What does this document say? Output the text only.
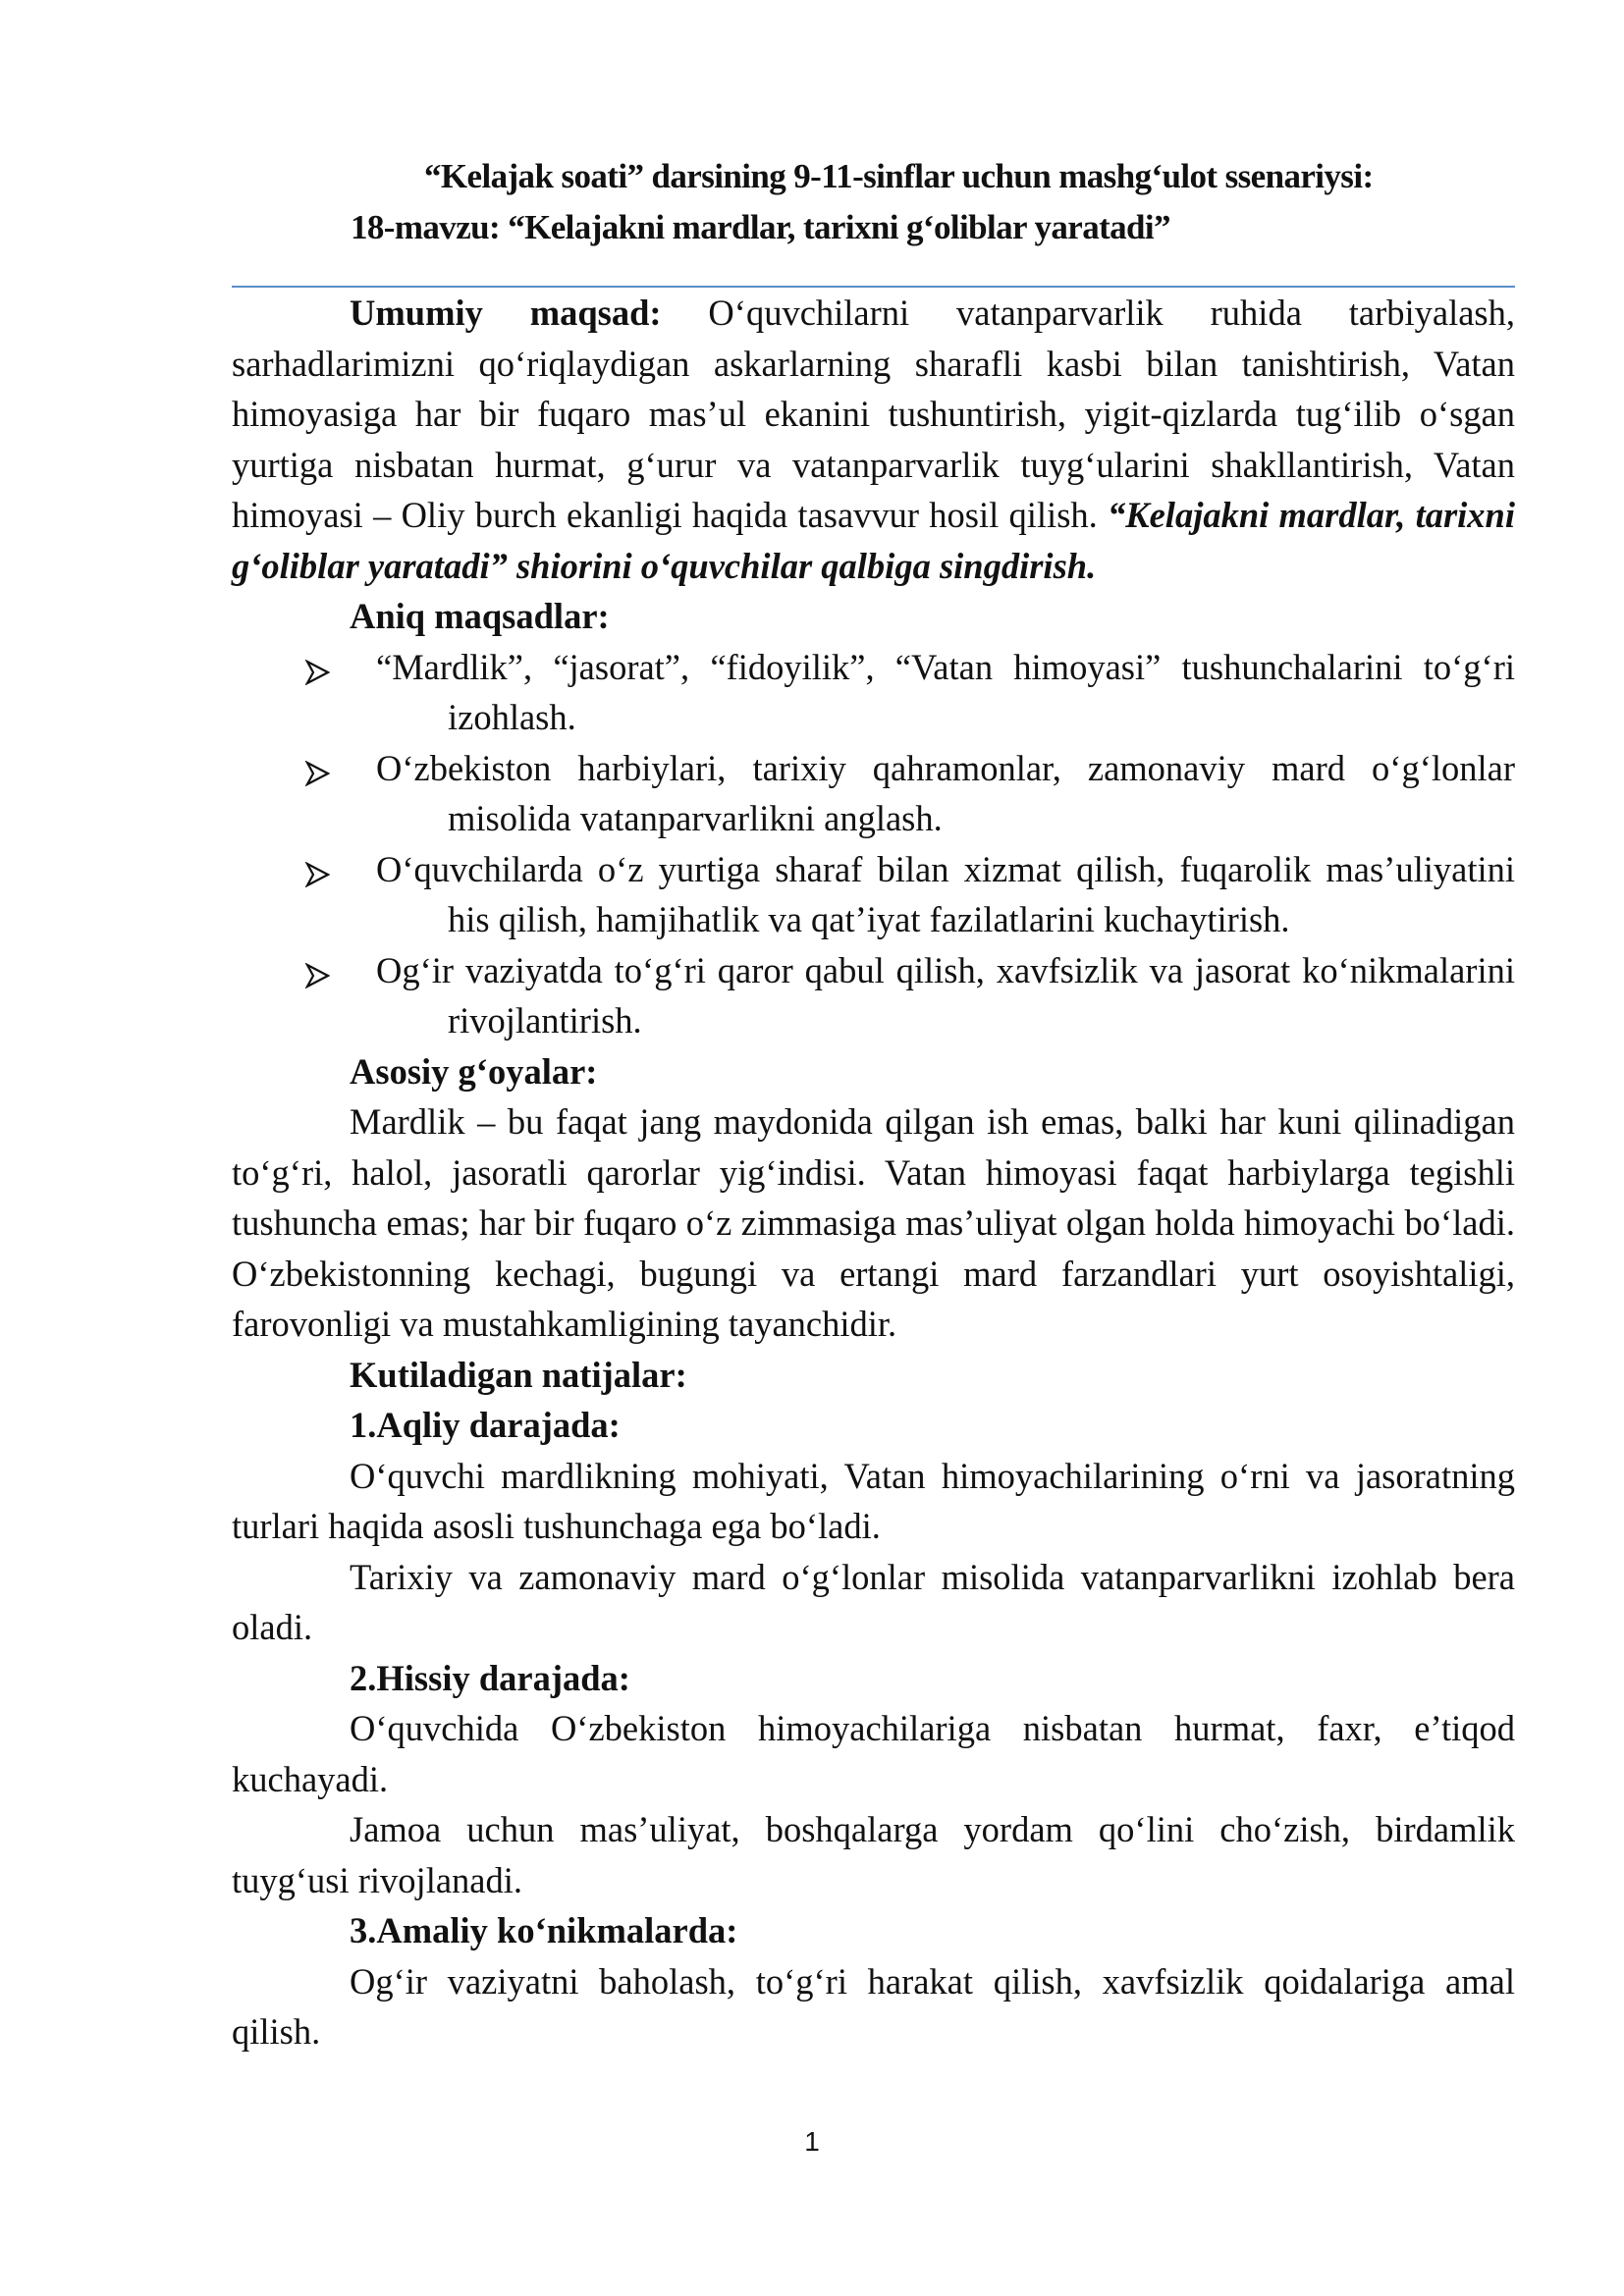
“Kelajak soati” darsining 9-11-sinflar uchun mashg‘ulot ssenariysi:
18-mavzu: “Kelajakni mardlar, tarixni g‘oliblar yaratadi”

Umumiy maqsad: O‘quvchilarni vatanparvarlik ruhida tarbiyalash, sarhadlarimizni qo‘riqlaydigan askarlarning sharafli kasbi bilan tanishtirish, Vatan himoyasiga har bir fuqaro mas’ul ekanini tushuntirish, yigit-qizlarda tug‘ilib o‘sgan yurtiga nisbatan hurmat, g‘urur va vatanparvarlik tuyg‘ularini shakllantirish, Vatan himoyasi – Oliy burch ekanligi haqida tasavvur hosil qilish. “Kelajakni mardlar, tarixni g‘oliblar yaratadi” shiorini o‘quvchilar qalbiga singdirish.

Aniq maqsadlar:

“Mardlik”, “jasorat”, “fidoyilik”, “Vatan himoyasi” tushunchalarini to‘g‘ri izohlash.
O‘zbekiston harbiylari, tarixiy qahramonlar, zamonaviy mard o‘g‘lonlar misolida vatanparvarlikni anglash.
O‘quvchilarda o‘z yurtiga sharaf bilan xizmat qilish, fuqarolik mas’uliyatini his qilish, hamjihatlik va qat’iyat fazilatlarini kuchaytirish.
Og‘ir vaziyatda to‘g‘ri qaror qabul qilish, xavfsizlik va jasorat ko‘nikmalarini rivojlantirish.

Asosiy g‘oyalar:

Mardlik – bu faqat jang maydonida qilgan ish emas, balki har kuni qilinadigan to‘g‘ri, halol, jasoratli qarorlar yig‘indisi. Vatan himoyasi faqat harbiylarga tegishli tushuncha emas; har bir fuqaro o‘z zimmasiga mas’uliyat olgan holda himoyachi bo‘ladi. O‘zbekistonning kechagi, bugungi va ertangi mard farzandlari yurt osoyishtaligi, farovonligi va mustahkamligining tayanchidir.

Kutiladigan natijalar:

1.Aqliy darajada:

O‘quvchi mardlikning mohiyati, Vatan himoyachilarining o‘rni va jasoratning turlari haqida asosli tushunchaga ega bo‘ladi.

Tarixiy va zamonaviy mard o‘g‘lonlar misolida vatanparvarlikni izohlab bera oladi.

2.Hissiy darajada:

O‘quvchida O‘zbekiston himoyachilariga nisbatan hurmat, faxr, e’tiqod kuchayadi.

Jamoa uchun mas’uliyat, boshqalarga yordam qo‘lini cho‘zish, birdamlik tuyg‘usi rivojlanadi.

3.Amaliy ko‘nikmalarda:

Og‘ir vaziyatni baholash, to‘g‘ri harakat qilish, xavfsizlik qoidalariga amal qilish.

1
